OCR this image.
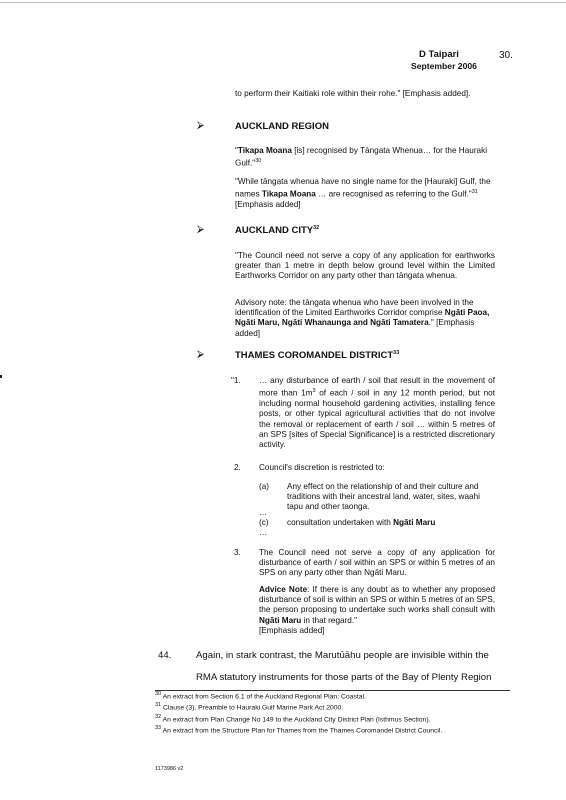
D Taipari
September 2006
30.
to perform their Kaitiaki role within their rohe." [Emphasis added].
⮚	AUCKLAND REGION
"Tikapa Moana [is] recognised by Tāngata Whenua… for the Hauraki Gulf."$^{30}$
"While tāngata whenua have no single name for the [Hauraki] Gulf, the names Tikapa Moana … are recognised as referring to the Gulf."$^{31}$
[Emphasis added]
⮚	AUCKLAND CITY$^{32}$
"The Council need not serve a copy of any application for earthworks greater than 1 metre in depth below ground level within the Limited Earthworks Corridor on any party other than tāngata whenua.
Advisory note: the tāngata whenua who have been involved in the identification of the Limited Earthworks Corridor comprise Ngāti Paoa, Ngāti Maru, Ngāti Whanaunga and Ngāti Tamatera." [Emphasis added]
⮚	THAMES COROMANDEL DISTRICT$^{33}$
"1. … any disturbance of earth / soil that result in the movement of more than $1m^3$ of each / soil in any 12 month period, but not including normal household gardening activities, installing fence posts, or other typical agricultural activities that do not involve the removal or replacement of earth / soil … within 5 metres of an SPS [sites of Special Significance] is a restricted discretionary activity.
2. Council's discretion is restricted to:
(a) Any effect on the relationship of and their culture and traditions with their ancestral land, water, sites, waahi tapu and other taonga.
…
(c) consultation undertaken with Ngāti Maru
…
3. The Council need not serve a copy of any application for disturbance of earth / soil within an SPS or within 5 metres of an SPS on any party other than Ngāti Maru.
Advice Note: If there is any doubt as to whether any proposed disturbance of soil is within an SPS or within 5 metres of an SPS, the person proposing to undertake such works shall consult with Ngāti Maru in that regard."
[Emphasis added]
44.	Again, in stark contrast, the Marutūāhu people are invisible within the
RMA statutory instruments for those parts of the Bay of Plenty Region
$^{30}$ An extract from Section 6.1 of the Auckland Regional Plan: Coastal.
$^{31}$ Clause (3), Preamble to Hauraki Gulf Marine Park Act 2000.
$^{32}$ An extract from Plan Change No 149 to the Auckland City District Plan (Isthmus Section).
$^{33}$ An extract from the Structure Plan for Thames from the Thames Coromandel District Council.
1173986 v2
